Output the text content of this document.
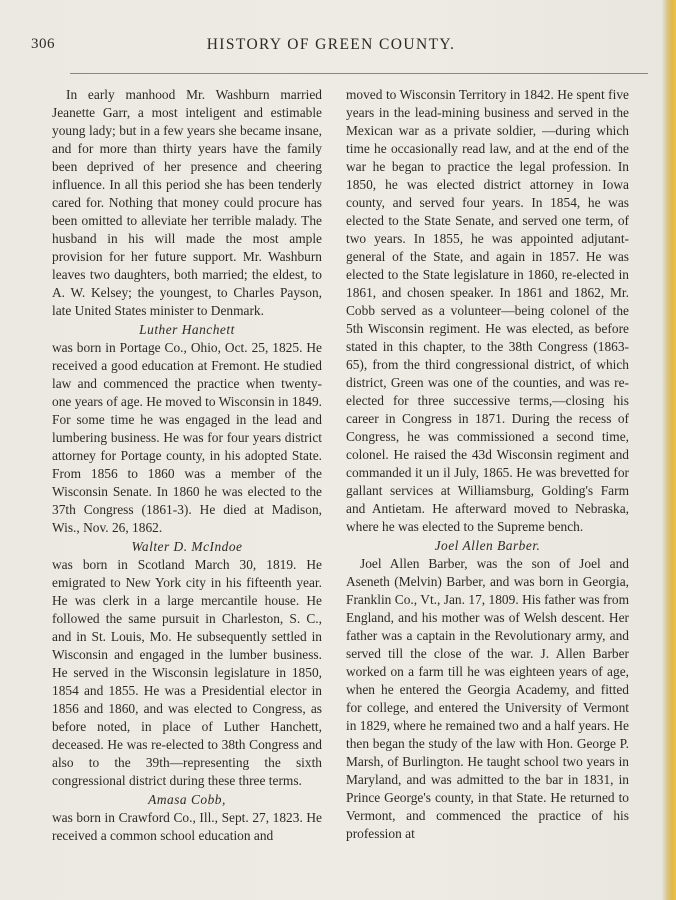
306	HISTORY OF GREEN COUNTY.

In early manhood Mr. Washburn married Jeanette Garr, a most inteligent and estimable young lady; but in a few years she became insane, and for more than thirty years have the family been deprived of her presence and cheering influence. In all this period she has been tenderly cared for. Nothing that money could procure has been omitted to alleviate her terrible malady. The husband in his will made the most ample provision for her future support. Mr. Washburn leaves two daughters, both married; the eldest, to A. W. Kelsey; the youngest, to Charles Payson, late United States minister to Denmark.

Luther Hanchett

was born in Portage Co., Ohio, Oct. 25, 1825. He received a good education at Fremont. He studied law and commenced the practice when twenty-one years of age. He moved to Wisconsin in 1849. For some time he was engaged in the lead and lumbering business. He was for four years district attorney for Portage county, in his adopted State. From 1856 to 1860 was a member of the Wisconsin Senate. In 1860 he was elected to the 37th Congress (1861-3). He died at Madison, Wis., Nov. 26, 1862.

Walter D. McIndoe

was born in Scotland March 30, 1819. He emigrated to New York city in his fifteenth year. He was clerk in a large mercantile house. He followed the same pursuit in Charleston, S. C., and in St. Louis, Mo. He subsequently settled in Wisconsin and engaged in the lumber business. He served in the Wisconsin legislature in 1850, 1854 and 1855. He was a Presidential elector in 1856 and 1860, and was elected to Congress, as before noted, in place of Luther Hanchett, deceased. He was re-elected to 38th Congress and also to the 39th—representing the sixth congressional district during these three terms.

Amasa Cobb,

was born in Crawford Co., Ill., Sept. 27, 1823. He received a common school education and

moved to Wisconsin Territory in 1842. He spent five years in the lead-mining business and served in the Mexican war as a private soldier, —during which time he occasionally read law, and at the end of the war he began to practice the legal profession. In 1850, he was elected district attorney in Iowa county, and served four years. In 1854, he was elected to the State Senate, and served one term, of two years. In 1855, he was appointed adjutant-general of the State, and again in 1857. He was elected to the State legislature in 1860, re-elected in 1861, and chosen speaker. In 1861 and 1862, Mr. Cobb served as a volunteer—being colonel of the 5th Wisconsin regiment. He was elected, as before stated in this chapter, to the 38th Congress (1863-65), from the third congressional district, of which district, Green was one of the counties, and was re-elected for three successive terms,—closing his career in Congress in 1871. During the recess of Congress, he was commissioned a second time, colonel. He raised the 43d Wisconsin regiment and commanded it un il July, 1865. He was brevetted for gallant services at Williamsburg, Golding's Farm and Antietam. He afterward moved to Nebraska, where he was elected to the Supreme bench.

Joel Allen Barber.

Joel Allen Barber, was the son of Joel and Aseneth (Melvin) Barber, and was born in Georgia, Franklin Co., Vt., Jan. 17, 1809. His father was from England, and his mother was of Welsh descent. Her father was a captain in the Revolutionary army, and served till the close of the war. J. Allen Barber worked on a farm till he was eighteen years of age, when he entered the Georgia Academy, and fitted for college, and entered the University of Vermont in 1829, where he remained two and a half years. He then began the study of the law with Hon. George P. Marsh, of Burlington. He taught school two years in Maryland, and was admitted to the bar in 1831, in Prince George's county, in that State. He returned to Vermont, and commenced the practice of his profession at
